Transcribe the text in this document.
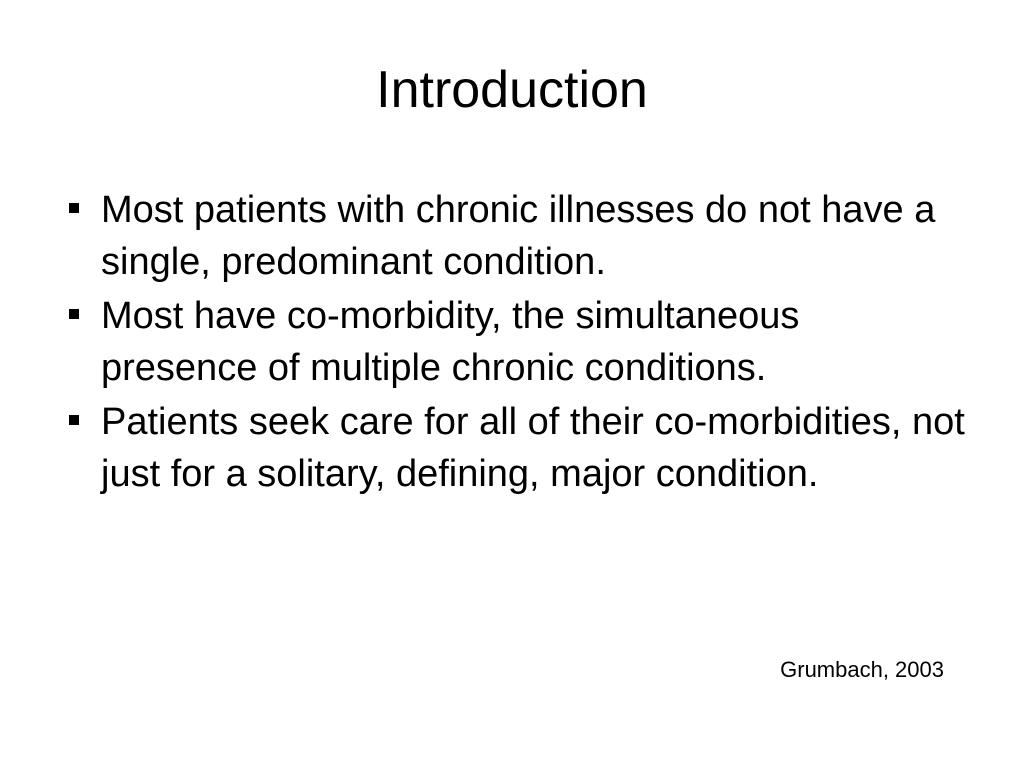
Introduction
Most patients with chronic illnesses do not have a single, predominant condition.
Most have co-morbidity, the simultaneous presence of multiple chronic conditions.
Patients seek care for all of their co-morbidities, not just for a solitary, defining, major condition.
Grumbach, 2003
